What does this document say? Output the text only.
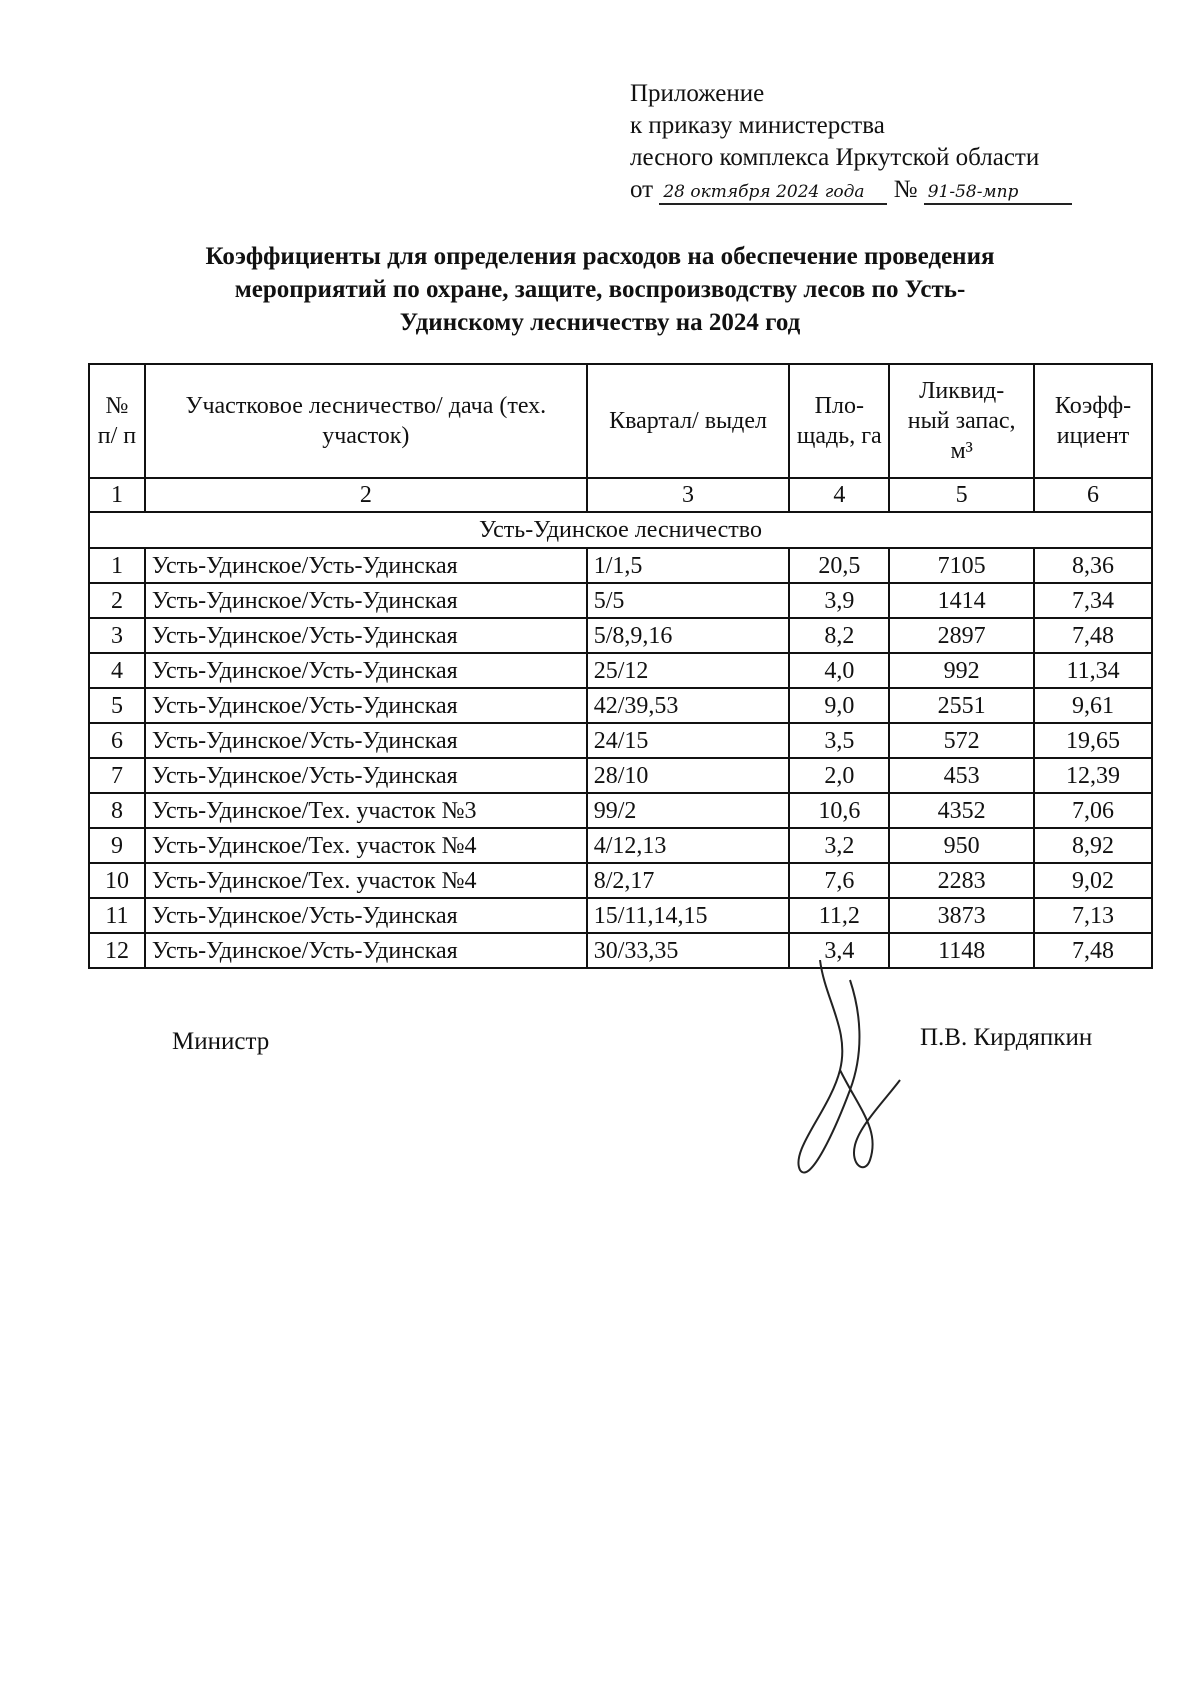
Приложение
к приказу министерства
лесного комплекса Иркутской области
от 28 октября 2024 года № 91-58-мпр
Коэффициенты для определения расходов на обеспечение проведения
мероприятий по охране, защите, воспроизводству лесов по Усть-
Удинскому лесничеству на 2024 год
№ п/ п	Участковое лесничество/ дача (тех. участок)	Квартал/ выдел	Пло- щадь, га	Ликвид- ный запас, м³	Коэфф- ициент
1	2	3	4	5	6
Усть-Удинское лесничество					
1	Усть-Удинское/Усть-Удинская	1/1,5	20,5	7105	8,36
2	Усть-Удинское/Усть-Удинская	5/5	3,9	1414	7,34
3	Усть-Удинское/Усть-Удинская	5/8,9,16	8,2	2897	7,48
4	Усть-Удинское/Усть-Удинская	25/12	4,0	992	11,34
5	Усть-Удинское/Усть-Удинская	42/39,53	9,0	2551	9,61
6	Усть-Удинское/Усть-Удинская	24/15	3,5	572	19,65
7	Усть-Удинское/Усть-Удинская	28/10	2,0	453	12,39
8	Усть-Удинское/Тех. участок №3	99/2	10,6	4352	7,06
9	Усть-Удинское/Тех. участок №4	4/12,13	3,2	950	8,92
10	Усть-Удинское/Тех. участок №4	8/2,17	7,6	2283	9,02
11	Усть-Удинское/Усть-Удинская	15/11,14,15	11,2	3873	7,13
12	Усть-Удинское/Усть-Удинская	30/33,35	3,4	1148	7,48
Министр	П.В. Кирдяпкин
